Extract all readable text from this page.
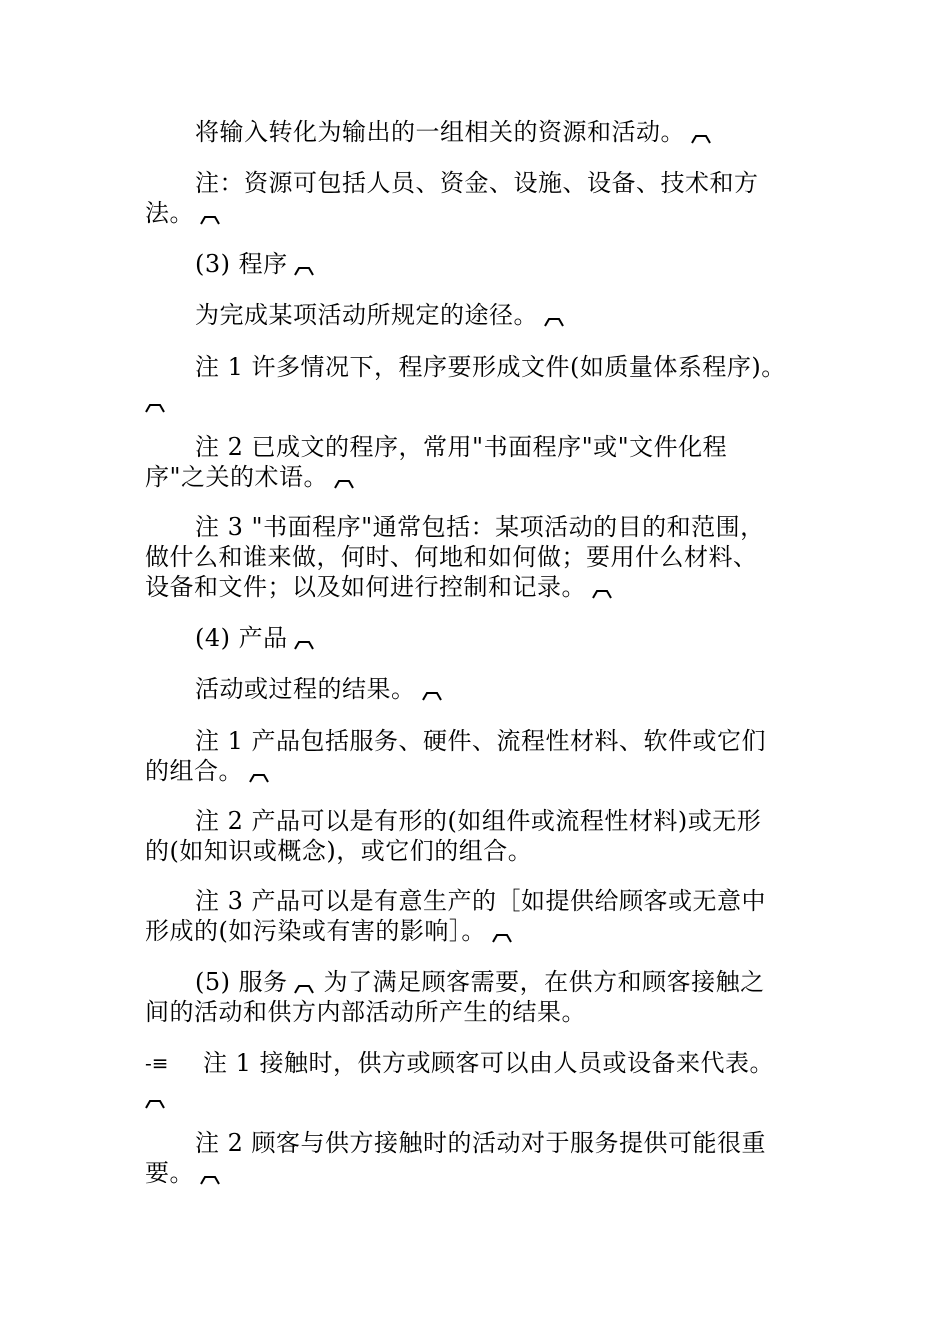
将输入转化为输出的一组相关的资源和活动。
注：资源可包括人员、资金、设施、设备、技术和方
法。
(3) 程序
为完成某项活动所规定的途径。
注 1 许多情况下，程序要形成文件(如质量体系程序)。
注 2 已成文的程序，常用"书面程序"或"文件化程
序"之关的术语。
注 3 "书面程序"通常包括：某项活动的目的和范围，
做什么和谁来做，何时、何地和如何做；要用什么材料、
设备和文件；以及如何进行控制和记录。
(4) 产品
活动或过程的结果。
注 1 产品包括服务、硬件、流程性材料、软件或它们
的组合。
注 2 产品可以是有形的(如组件或流程性材料)或无形
的(如知识或概念)，或它们的组合。
注 3 产品可以是有意生产的［如提供给顾客或无意中
形成的(如污染或有害的影响］。
(5) 服务 为了满足顾客需要，在供方和顾客接触之
间的活动和供方内部活动所产生的结果。
-≡ 注 1 接触时，供方或顾客可以由人员或设备来代表。
注 2 顾客与供方接触时的活动对于服务提供可能很重
要。
